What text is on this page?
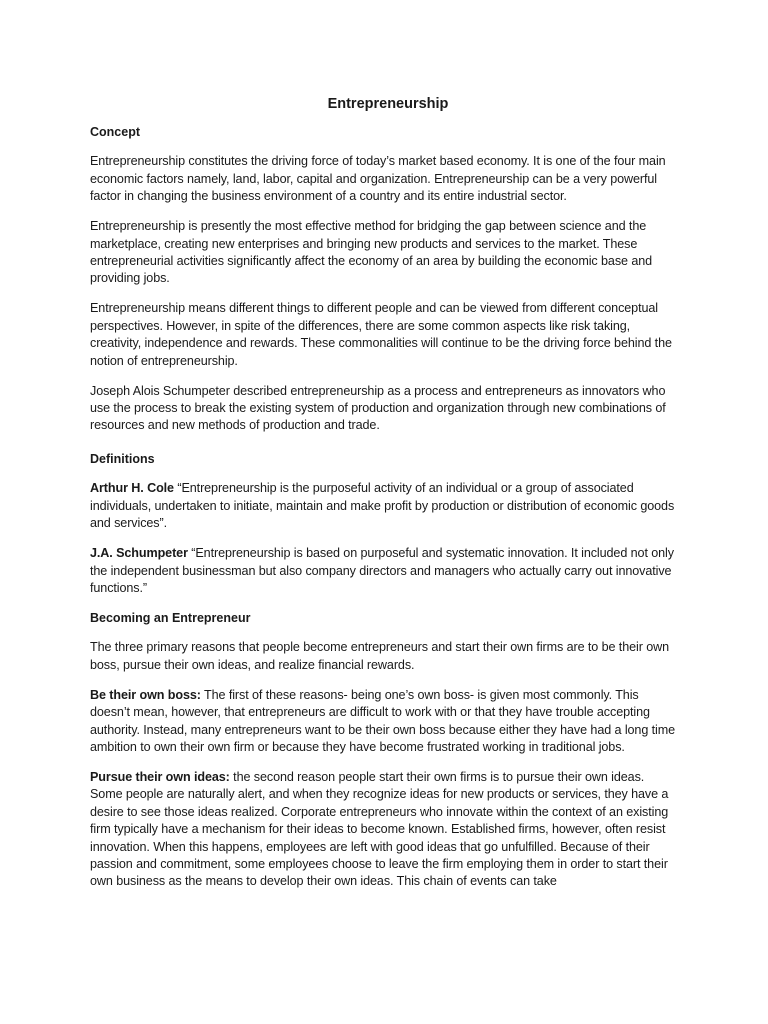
Entrepreneurship
Concept

Entrepreneurship constitutes the driving force of today’s market based economy. It is one of the four main economic factors namely, land, labor, capital and organization. Entrepreneurship can be a very powerful factor in changing the business environment of a country and its entire industrial sector.

Entrepreneurship is presently the most effective method for bridging the gap between science and the marketplace, creating new enterprises and bringing new products and services to the market. These entrepreneurial activities significantly affect the economy of an area by building the economic base and providing jobs.

Entrepreneurship means different things to different people and can be viewed from different conceptual perspectives. However, in spite of the differences, there are some common aspects like risk taking, creativity, independence and rewards. These commonalities will continue to be the driving force behind the notion of entrepreneurship.

Joseph Alois Schumpeter described entrepreneurship as a process and entrepreneurs as innovators who use the process to break the existing system of production and organization through new combinations of resources and new methods of production and trade.

Definitions

Arthur H. Cole “Entrepreneurship is the purposeful activity of an individual or a group of associated individuals, undertaken to initiate, maintain and make profit by production or distribution of economic goods and services”.

J.A. Schumpeter “Entrepreneurship is based on purposeful and systematic innovation. It included not only the independent businessman but also company directors and managers who actually carry out innovative functions.”

Becoming an Entrepreneur

The three primary reasons that people become entrepreneurs and start their own firms are to be their own boss, pursue their own ideas, and realize financial rewards.

Be their own boss: The first of these reasons- being one’s own boss- is given most commonly. This doesn’t mean, however, that entrepreneurs are difficult to work with or that they have trouble accepting authority. Instead, many entrepreneurs want to be their own boss because either they have had a long time ambition to own their own firm or because they have become frustrated working in traditional jobs.

Pursue their own ideas: the second reason people start their own firms is to pursue their own ideas. Some people are naturally alert, and when they recognize ideas for new products or services, they have a desire to see those ideas realized. Corporate entrepreneurs who innovate within the context of an existing firm typically have a mechanism for their ideas to become known. Established firms, however, often resist innovation. When this happens, employees are left with good ideas that go unfulfilled. Because of their passion and commitment, some employees choose to leave the firm employing them in order to start their own business as the means to develop their own ideas. This chain of events can take
